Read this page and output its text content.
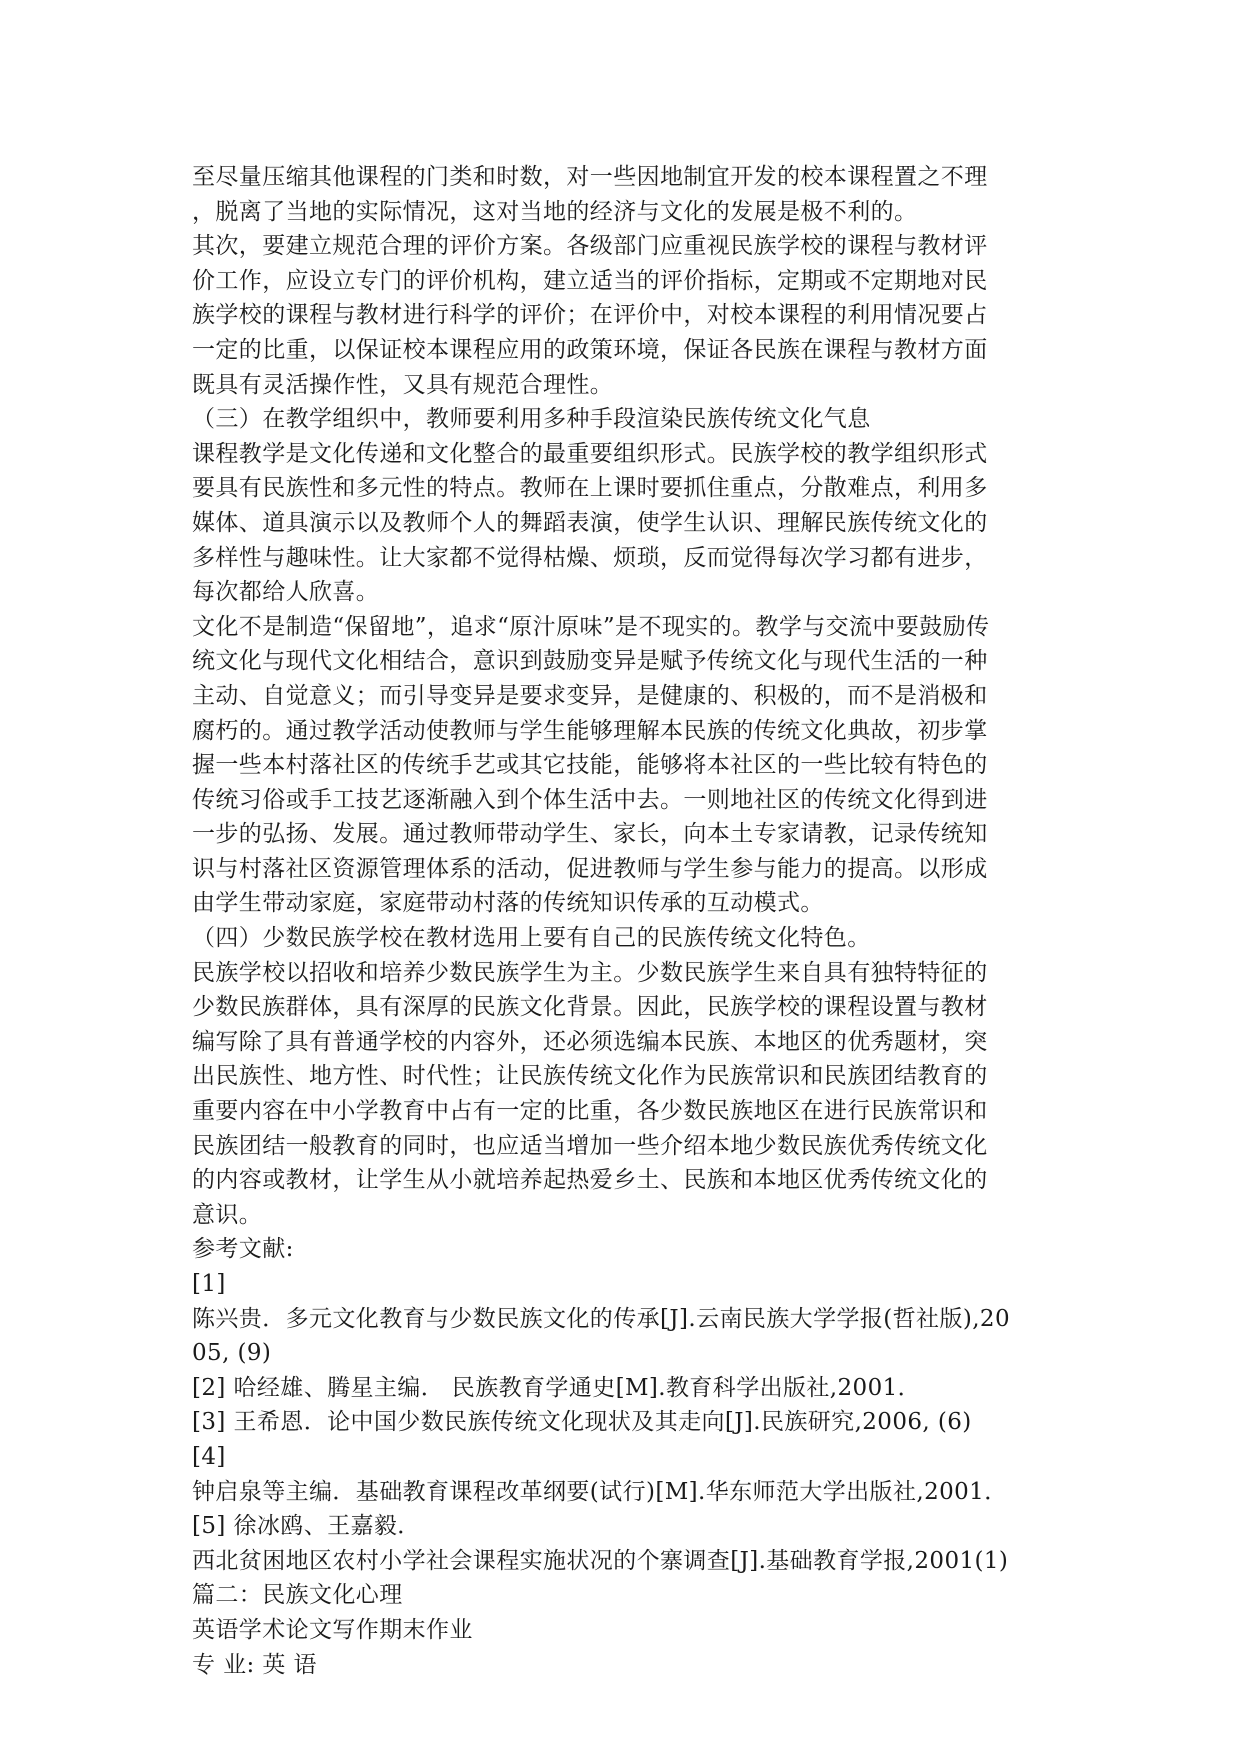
至尽量压缩其他课程的门类和时数，对一些因地制宜开发的校本课程置之不理
，脱离了当地的实际情况，这对当地的经济与文化的发展是极不利的。
其次，要建立规范合理的评价方案。各级部门应重视民族学校的课程与教材评
价工作，应设立专门的评价机构，建立适当的评价指标，定期或不定期地对民
族学校的课程与教材进行科学的评价；在评价中，对校本课程的利用情况要占
一定的比重，以保证校本课程应用的政策环境，保证各民族在课程与教材方面
既具有灵活操作性，又具有规范合理性。
（三）在教学组织中，教师要利用多种手段渲染民族传统文化气息
课程教学是文化传递和文化整合的最重要组织形式。民族学校的教学组织形式
要具有民族性和多元性的特点。教师在上课时要抓住重点，分散难点，利用多
媒体、道具演示以及教师个人的舞蹈表演，使学生认识、理解民族传统文化的
多样性与趣味性。让大家都不觉得枯燥、烦琐，反而觉得每次学习都有进步，
每次都给人欣喜。
文化不是制造“保留地”，追求“原汁原味”是不现实的。教学与交流中要鼓励传
统文化与现代文化相结合，意识到鼓励变异是赋予传统文化与现代生活的一种
主动、自觉意义；而引导变异是要求变异，是健康的、积极的，而不是消极和
腐朽的。通过教学活动使教师与学生能够理解本民族的传统文化典故，初步掌
握一些本村落社区的传统手艺或其它技能，能够将本社区的一些比较有特色的
传统习俗或手工技艺逐渐融入到个体生活中去。一则地社区的传统文化得到进
一步的弘扬、发展。通过教师带动学生、家长，向本土专家请教，记录传统知
识与村落社区资源管理体系的活动，促进教师与学生参与能力的提高。以形成
由学生带动家庭，家庭带动村落的传统知识传承的互动模式。
（四）少数民族学校在教材选用上要有自己的民族传统文化特色。
民族学校以招收和培养少数民族学生为主。少数民族学生来自具有独特特征的
少数民族群体，具有深厚的民族文化背景。因此，民族学校的课程设置与教材
编写除了具有普通学校的内容外，还必须选编本民族、本地区的优秀题材，突
出民族性、地方性、时代性；让民族传统文化作为民族常识和民族团结教育的
重要内容在中小学教育中占有一定的比重，各少数民族地区在进行民族常识和
民族团结一般教育的同时，也应适当增加一些介绍本地少数民族优秀传统文化
的内容或教材，让学生从小就培养起热爱乡土、民族和本地区优秀传统文化的
意识。
参考文献:
[1]
陈兴贵．多元文化教育与少数民族文化的传承[J].云南民族大学学报(哲社版),20
05, (9)
[2] 哈经雄、腾星主编． 民族教育学通史[M].教育科学出版社,2001．
[3] 王希恩．论中国少数民族传统文化现状及其走向[J].民族研究,2006, (6)
[4]
钟启泉等主编．基础教育课程改革纲要(试行)[M].华东师范大学出版社,2001．
[5] 徐冰鸥、王嘉毅．
西北贫困地区农村小学社会课程实施状况的个寨调查[J].基础教育学报,2001(1)
篇二：民族文化心理
英语学术论文写作期末作业
专 业: 英 语
